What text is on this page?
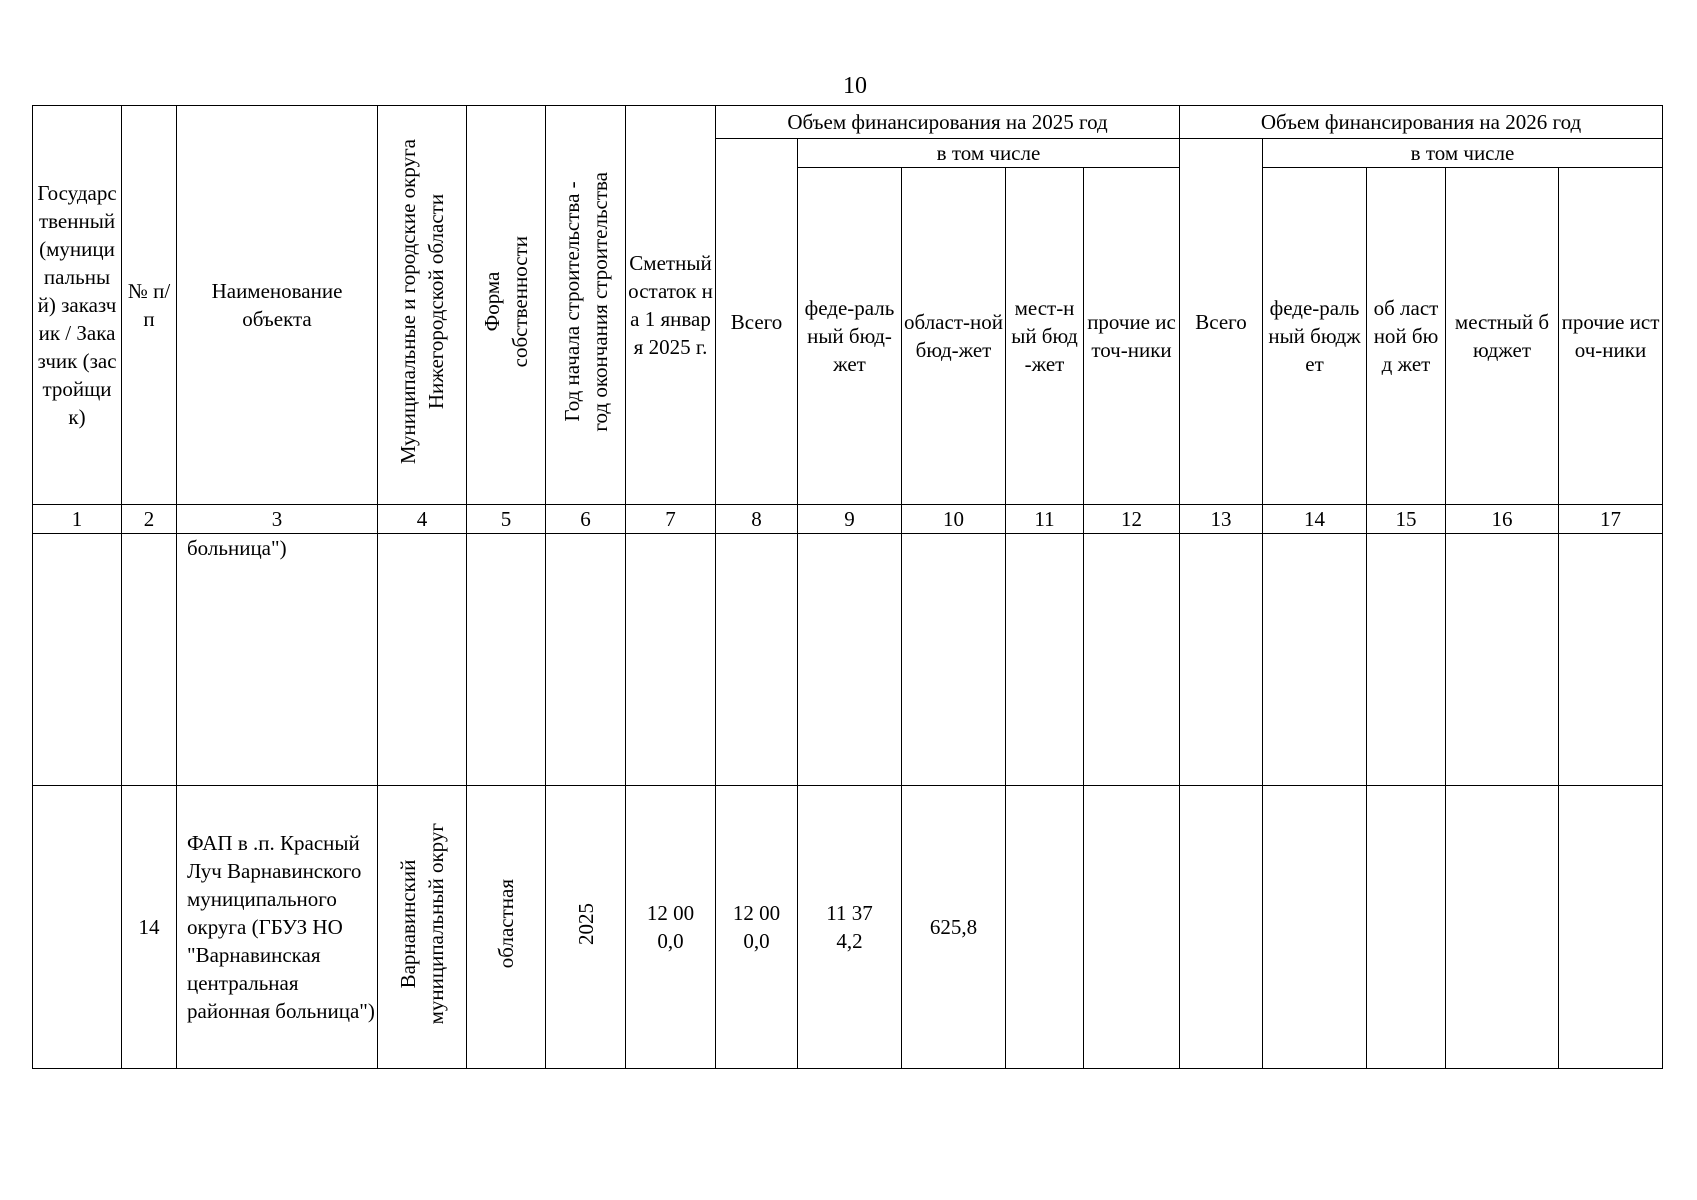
10
Государственный (муниципальный) заказчик / Заказчик (застройщик)	№ п/п	Наименование объекта	Муниципальные и городские округа Нижегородской области	Форма собственности	Год начала строительства - год окончания строительства	Сметный остаток на 1 января 2025 г.	Объем финансирования на 2025 год					Объем финансирования на 2026 год				
							Всего	в том числе				Всего	в том числе			

								феде-раль ный бюд-жет	област-ной бюд-жет	мест-ный бюд-жет	прочие источ-ники		феде-раль ный бюджет	об ласт ной бюд жет	местный бюджет	прочие источ-ники

1	2	3	4	5	6	7	8	9	10	11	12	13	14	15	16	17
		больница")														
	14	ФАП в .п. Красный Луч Варнавинского муниципального округа (ГБУЗ НО "Варнавинская центральная районная больница")	Варнавинский муниципальный округ	областная	2025	12 000,0	12 000,0	11 374,2	625,8							
